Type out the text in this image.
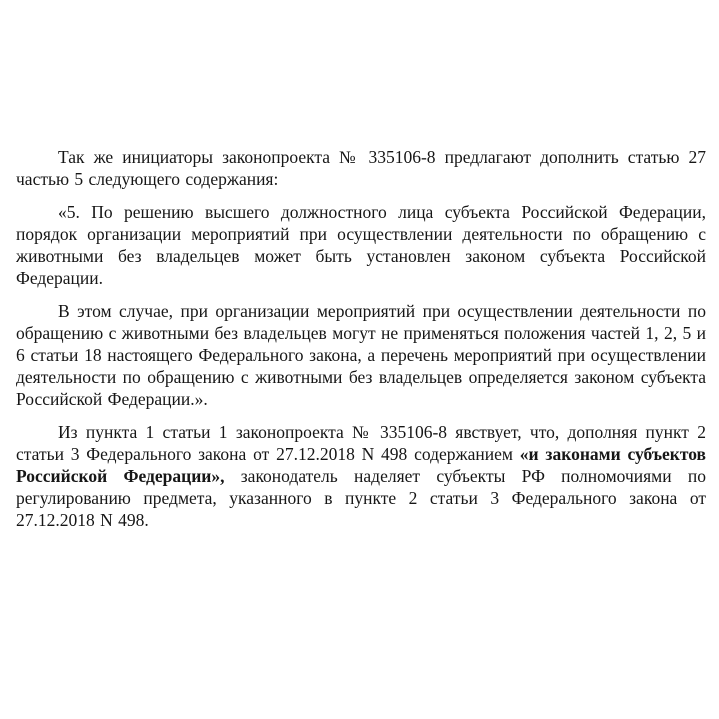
Так же инициаторы законопроекта № 335106-8 предлагают дополнить статью 27 частью 5 следующего содержания:

«5. По решению высшего должностного лица субъекта Российской Федерации, порядок организации мероприятий при осуществлении деятельности по обращению с животными без владельцев может быть установлен законом субъекта Российской Федерации.

В этом случае, при организации мероприятий при осуществлении деятельности по обращению с животными без владельцев могут не применяться положения частей 1, 2, 5 и 6 статьи 18 настоящего Федерального закона, а перечень мероприятий при осуществлении деятельности по обращению с животными без владельцев определяется законом субъекта Российской Федерации.».

Из пункта 1 статьи 1 законопроекта № 335106-8 явствует, что, дополняя пункт 2 статьи 3 Федерального закона от 27.12.2018 N 498 содержанием «и законами субъектов Российской Федерации», законодатель наделяет субъекты РФ полномочиями по регулированию предмета, указанного в пункте 2 статьи 3 Федерального закона от 27.12.2018 N 498.
